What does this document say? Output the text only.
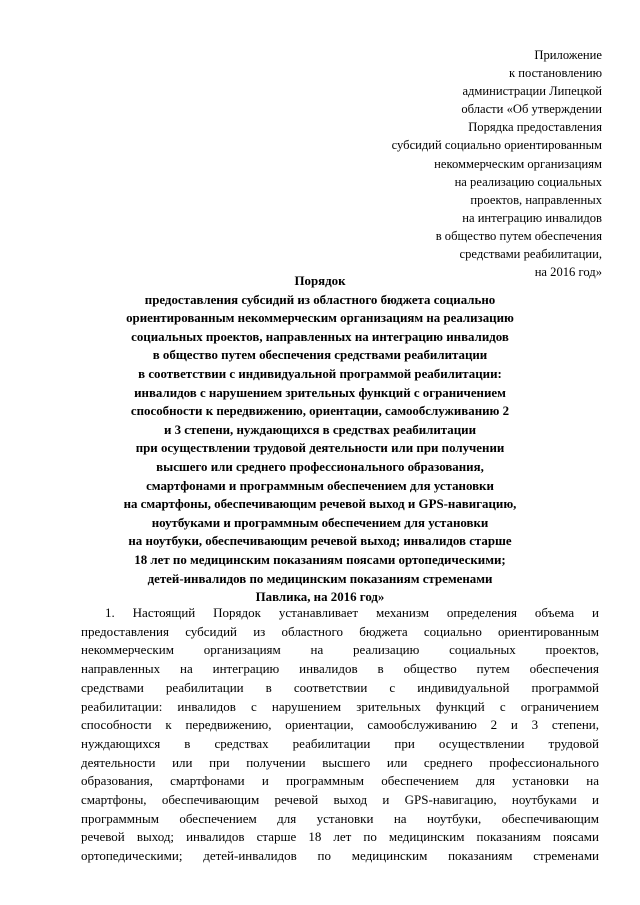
Приложение
к постановлению
администрации Липецкой
области «Об утверждении
Порядка предоставления
субсидий социально ориентированным
некоммерческим организациям
на реализацию социальных
проектов, направленных
на интеграцию инвалидов
в общество путем обеспечения
средствами реабилитации,
на 2016 год»
Порядок
предоставления субсидий из областного бюджета социально
ориентированным некоммерческим организациям на реализацию
социальных проектов, направленных на интеграцию инвалидов
в общество путем обеспечения средствами реабилитации
в соответствии с индивидуальной программой реабилитации:
инвалидов с нарушением зрительных функций с ограничением
способности к передвижению, ориентации, самообслуживанию 2
и 3 степени, нуждающихся в средствах реабилитации
при осуществлении трудовой деятельности или при получении
высшего или среднего профессионального образования,
смартфонами и программным обеспечением для установки
на смартфоны, обеспечивающим речевой выход и GPS-навигацию,
ноутбуками и программным обеспечением для установки
на ноутбуки, обеспечивающим речевой выход; инвалидов старше
18 лет по медицинским показаниям поясами ортопедическими;
детей-инвалидов по медицинским показаниям стременами
Павлика, на 2016 год»
1. Настоящий Порядок устанавливает механизм определения объема и
предоставления субсидий из областного бюджета социально ориентированным
некоммерческим организациям на реализацию социальных проектов,
направленных на интеграцию инвалидов в общество путем обеспечения
средствами реабилитации в соответствии с индивидуальной программой
реабилитации: инвалидов с нарушением зрительных функций с ограничением
способности к передвижению, ориентации, самообслуживанию 2 и 3 степени,
нуждающихся в средствах реабилитации при осуществлении трудовой
деятельности или при получении высшего или среднего профессионального
образования, смартфонами и программным обеспечением для установки на
смартфоны, обеспечивающим речевой выход и GPS-навигацию, ноутбуками и
программным обеспечением для установки на ноутбуки, обеспечивающим
речевой выход; инвалидов старше 18 лет по медицинским показаниям поясами
ортопедическими; детей-инвалидов по медицинским показаниям стременами
